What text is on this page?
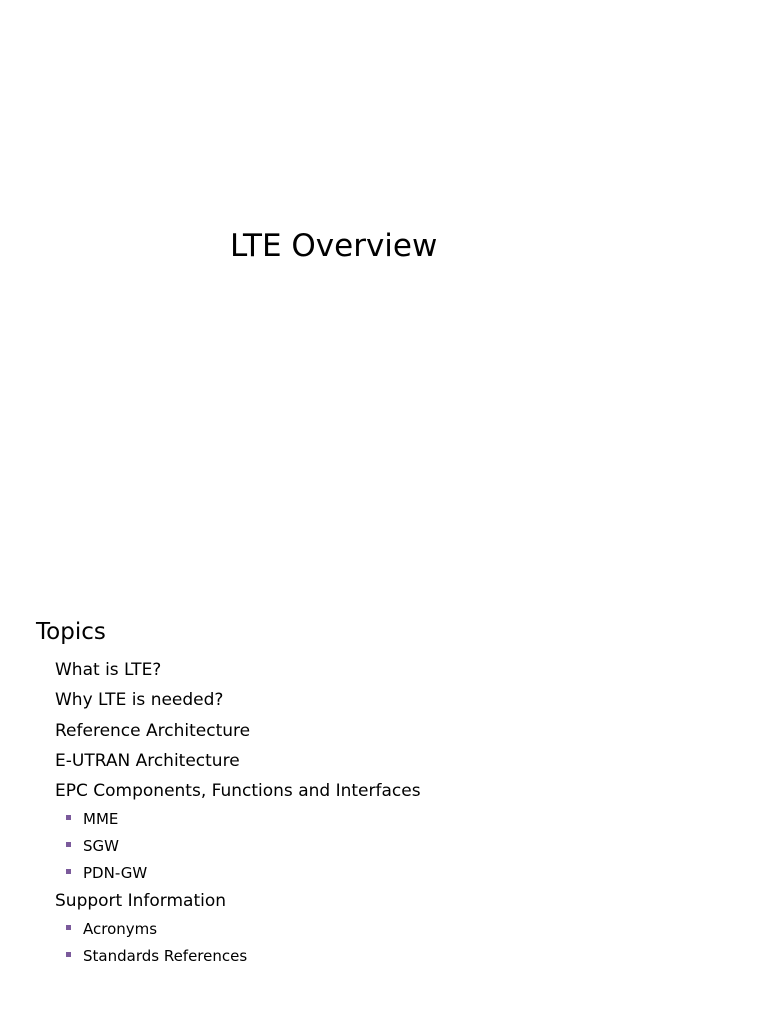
LTE Overview
Topics
What is LTE?
Why LTE is needed?
Reference Architecture
E-UTRAN Architecture
EPC Components, Functions and Interfaces
MME
SGW
PDN-GW
Support Information
Acronyms
Standards References
